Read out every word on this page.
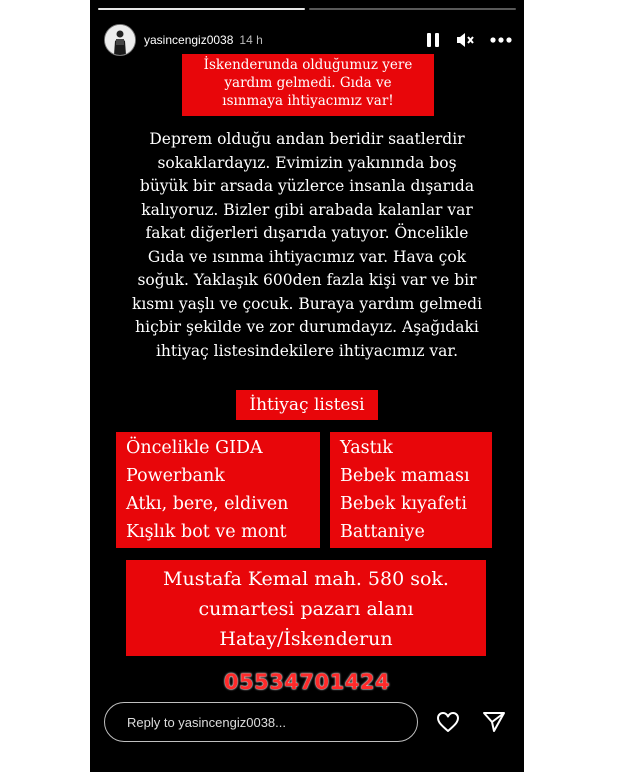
yasincengiz0038 14 h
İskenderunda olduğumuz yere
yardım gelmedi. Gıda ve
ısınmaya ihtiyacımız var!
Deprem olduğu andan beridir saatlerdir
sokaklardayız. Evimizin yakınında boş
büyük bir arsada yüzlerce insanla dışarıda
kalıyoruz. Bizler gibi arabada kalanlar var
fakat diğerleri dışarıda yatıyor. Öncelikle
Gıda ve ısınma ihtiyacımız var. Hava çok
soğuk. Yaklaşık 600den fazla kişi var ve bir
kısmı yaşlı ve çocuk. Buraya yardım gelmedi
hiçbir şekilde ve zor durumdayız. Aşağıdaki
ihtiyaç listesindekilere ihtiyacımız var.
İhtiyaç listesi
Öncelikle GIDA
Powerbank
Atkı, bere, eldiven
Kışlık bot ve mont
Yastık
Bebek maması
Bebek kıyafeti
Battaniye
Mustafa Kemal mah. 580 sok.
cumartesi pazarı alanı
Hatay/İskenderun
05534701424
Reply to yasincengiz0038...
